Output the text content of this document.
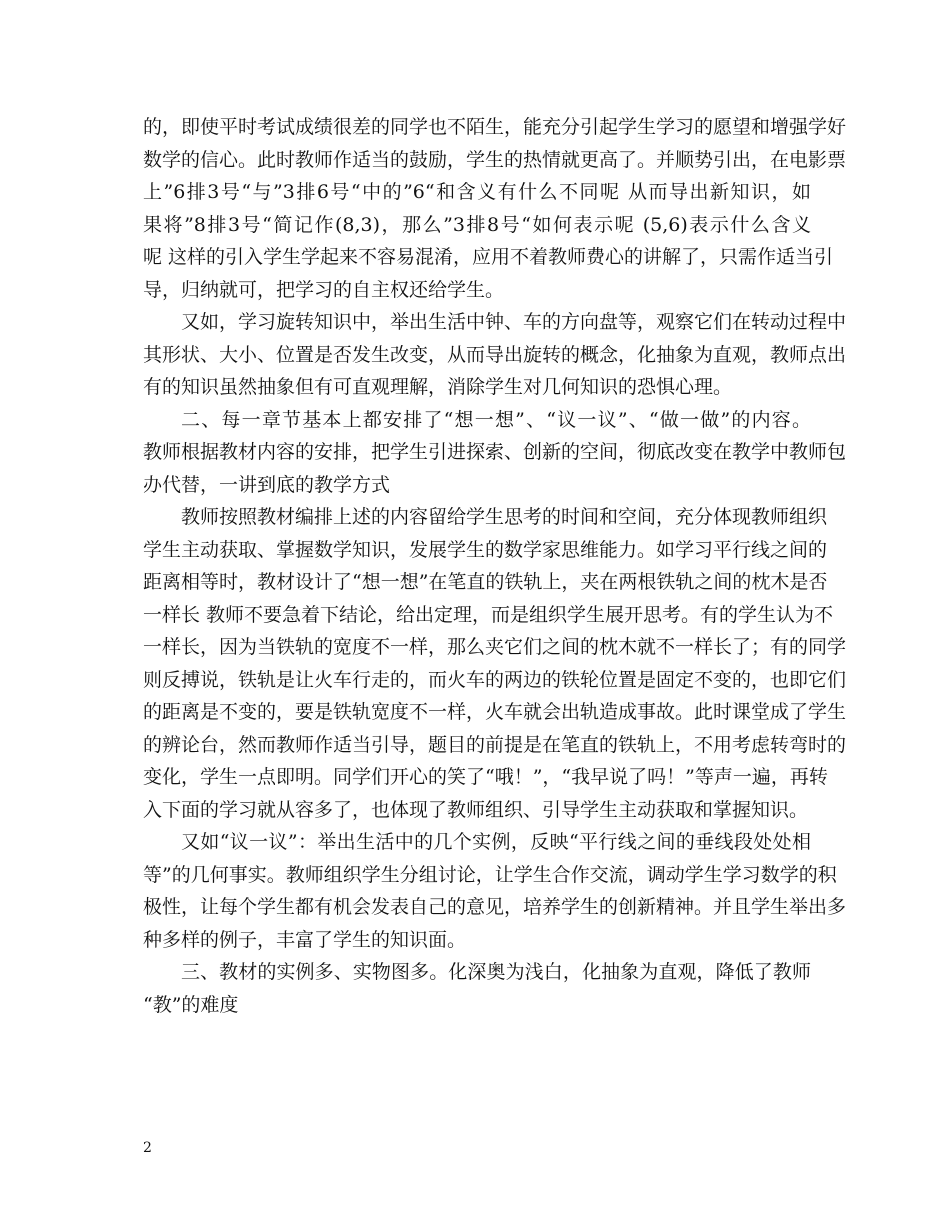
的，即使平时考试成绩很差的同学也不陌生，能充分引起学生学习的愿望和增强学好
数学的信心。此时教师作适当的鼓励，学生的热情就更高了。并顺势引出，在电影票
上”6排3号“与”3排6号“中的”6“和含义有什么不同呢 从而导出新知识，如
果将”8排3号“简记作(8,3)，那么”3排8号“如何表示呢 (5,6)表示什么含义
呢 这样的引入学生学起来不容易混淆，应用不着教师费心的讲解了，只需作适当引
导，归纳就可，把学习的自主权还给学生。

又如，学习旋转知识中，举出生活中钟、车的方向盘等，观察它们在转动过程中
其形状、大小、位置是否发生改变，从而导出旋转的概念，化抽象为直观，教师点出
有的知识虽然抽象但有可直观理解，消除学生对几何知识的恐惧心理。

二、每一章节基本上都安排了“想一想”、“议一议”、“做一做”的内容。
教师根据教材内容的安排，把学生引进探索、创新的空间，彻底改变在教学中教师包
办代替，一讲到底的教学方式

教师按照教材编排上述的内容留给学生思考的时间和空间，充分体现教师组织
学生主动获取、掌握数学知识，发展学生的数学家思维能力。如学习平行线之间的
距离相等时，教材设计了“想一想”在笔直的铁轨上，夹在两根铁轨之间的枕木是否
一样长 教师不要急着下结论，给出定理，而是组织学生展开思考。有的学生认为不
一样长，因为当铁轨的宽度不一样，那么夹它们之间的枕木就不一样长了；有的同学
则反搏说，铁轨是让火车行走的，而火车的两边的铁轮位置是固定不变的，也即它们
的距离是不变的，要是铁轨宽度不一样，火车就会出轨造成事故。此时课堂成了学生
的辨论台，然而教师作适当引导，题目的前提是在笔直的铁轨上，不用考虑转弯时的
变化，学生一点即明。同学们开心的笑了“哦！”，“我早说了吗！”等声一遍，再转
入下面的学习就从容多了，也体现了教师组织、引导学生主动获取和掌握知识。

又如“议一议”：举出生活中的几个实例，反映“平行线之间的垂线段处处相
等”的几何事实。教师组织学生分组讨论，让学生合作交流，调动学生学习数学的积
极性，让每个学生都有机会发表自己的意见，培养学生的创新精神。并且学生举出多
种多样的例子，丰富了学生的知识面。

三、教材的实例多、实物图多。化深奥为浅白，化抽象为直观，降低了教师
“教”的难度

2
